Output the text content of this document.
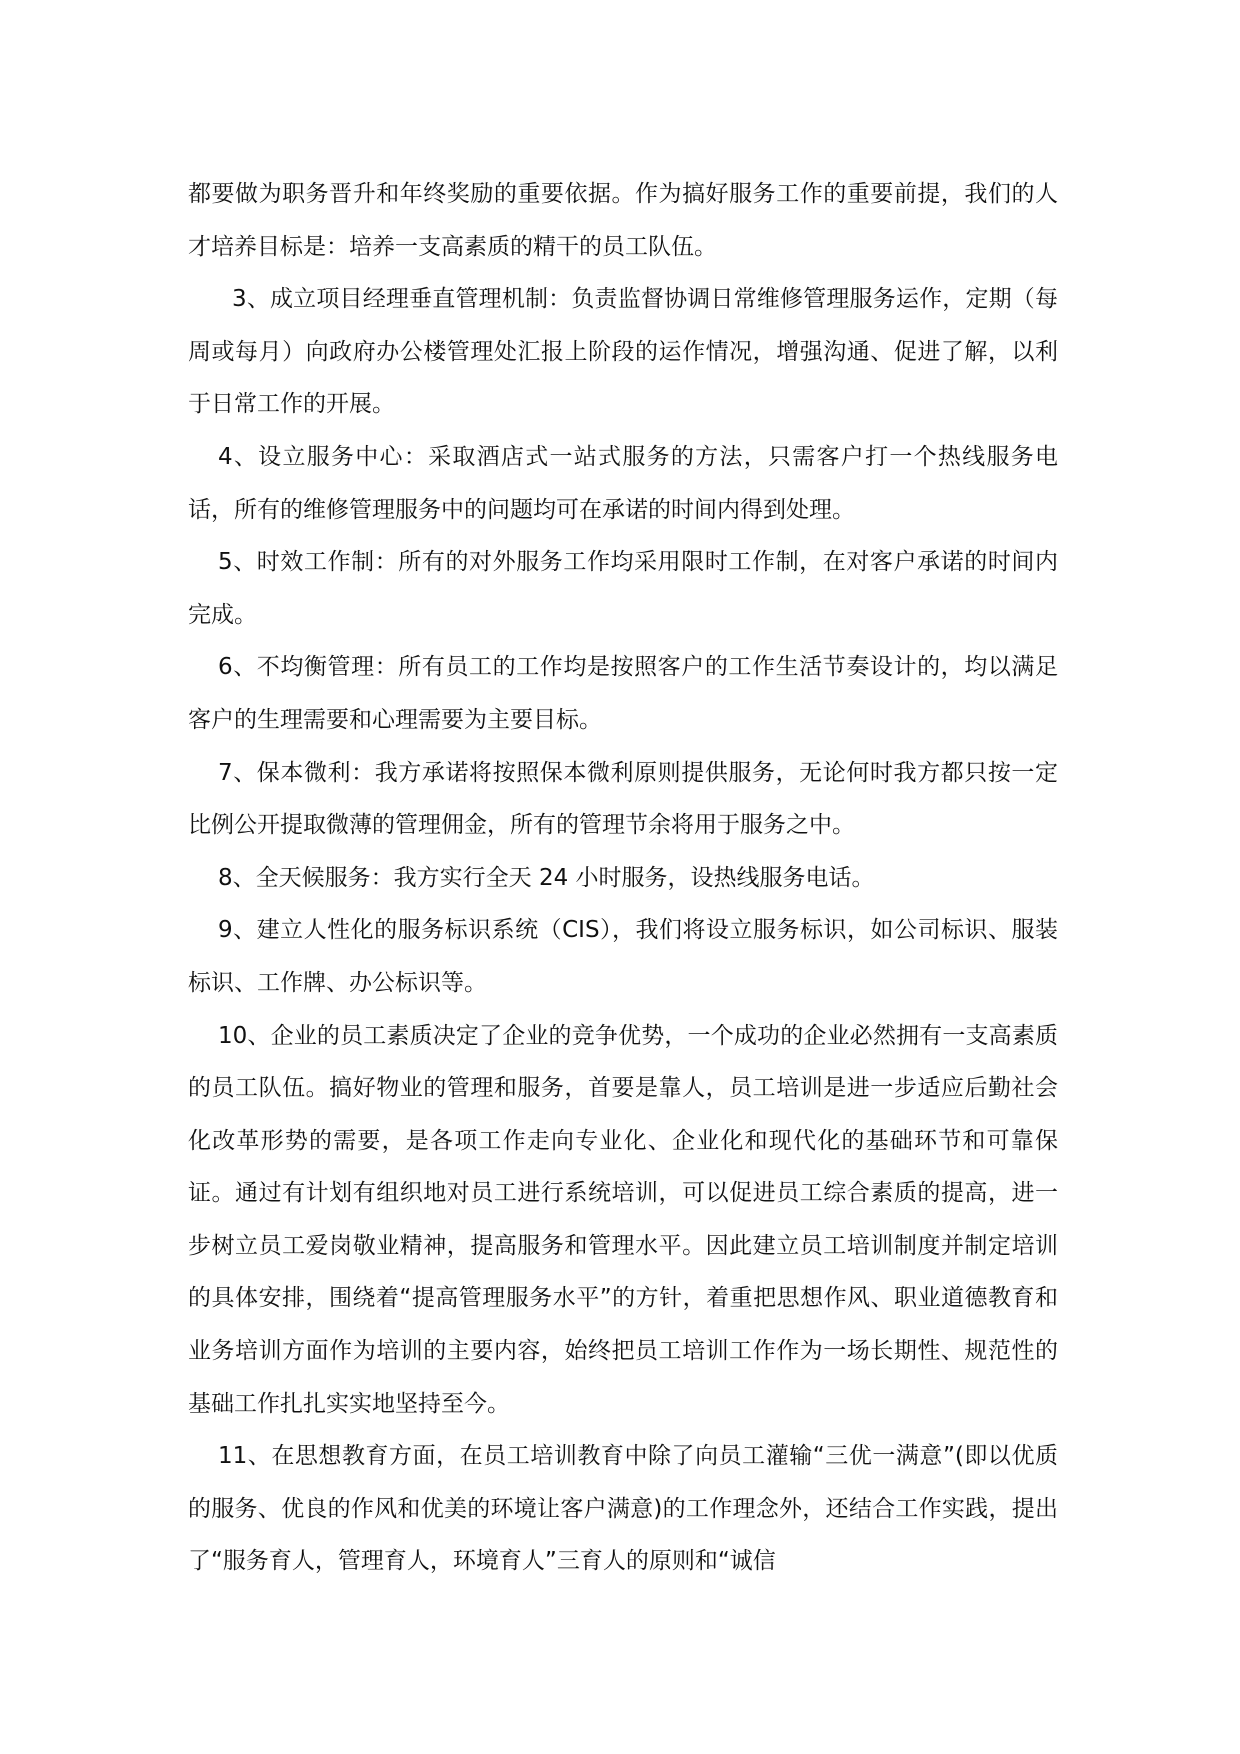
都要做为职务晋升和年终奖励的重要依据。作为搞好服务工作的重要前提，我们的人才培养目标是：培养一支高素质的精干的员工队伍。

3、成立项目经理垂直管理机制：负责监督协调日常维修管理服务运作，定期（每周或每月）向政府办公楼管理处汇报上阶段的运作情况，增强沟通、促进了解，以利于日常工作的开展。

4、设立服务中心：采取酒店式一站式服务的方法，只需客户打一个热线服务电话，所有的维修管理服务中的问题均可在承诺的时间内得到处理。

5、时效工作制：所有的对外服务工作均采用限时工作制，在对客户承诺的时间内完成。

6、不均衡管理：所有员工的工作均是按照客户的工作生活节奏设计的，均以满足客户的生理需要和心理需要为主要目标。

7、保本微利：我方承诺将按照保本微利原则提供服务，无论何时我方都只按一定比例公开提取微薄的管理佣金，所有的管理节余将用于服务之中。

8、全天候服务：我方实行全天 24 小时服务，设热线服务电话。

9、建立人性化的服务标识系统（CIS），我们将设立服务标识，如公司标识、服装标识、工作牌、办公标识等。

10、企业的员工素质决定了企业的竞争优势，一个成功的企业必然拥有一支高素质的员工队伍。搞好物业的管理和服务，首要是靠人，员工培训是进一步适应后勤社会化改革形势的需要，是各项工作走向专业化、企业化和现代化的基础环节和可靠保证。通过有计划有组织地对员工进行系统培训，可以促进员工综合素质的提高，进一步树立员工爱岗敬业精神，提高服务和管理水平。因此建立员工培训制度并制定培训的具体安排，围绕着“提高管理服务水平”的方针，着重把思想作风、职业道德教育和业务培训方面作为培训的主要内容，始终把员工培训工作作为一场长期性、规范性的基础工作扎扎实实地坚持至今。

11、在思想教育方面，在员工培训教育中除了向员工灌输“三优一满意”(即以优质的服务、优良的作风和优美的环境让客户满意)的工作理念外，还结合工作实践，提出了“服务育人，管理育人，环境育人”三育人的原则和“诚信
